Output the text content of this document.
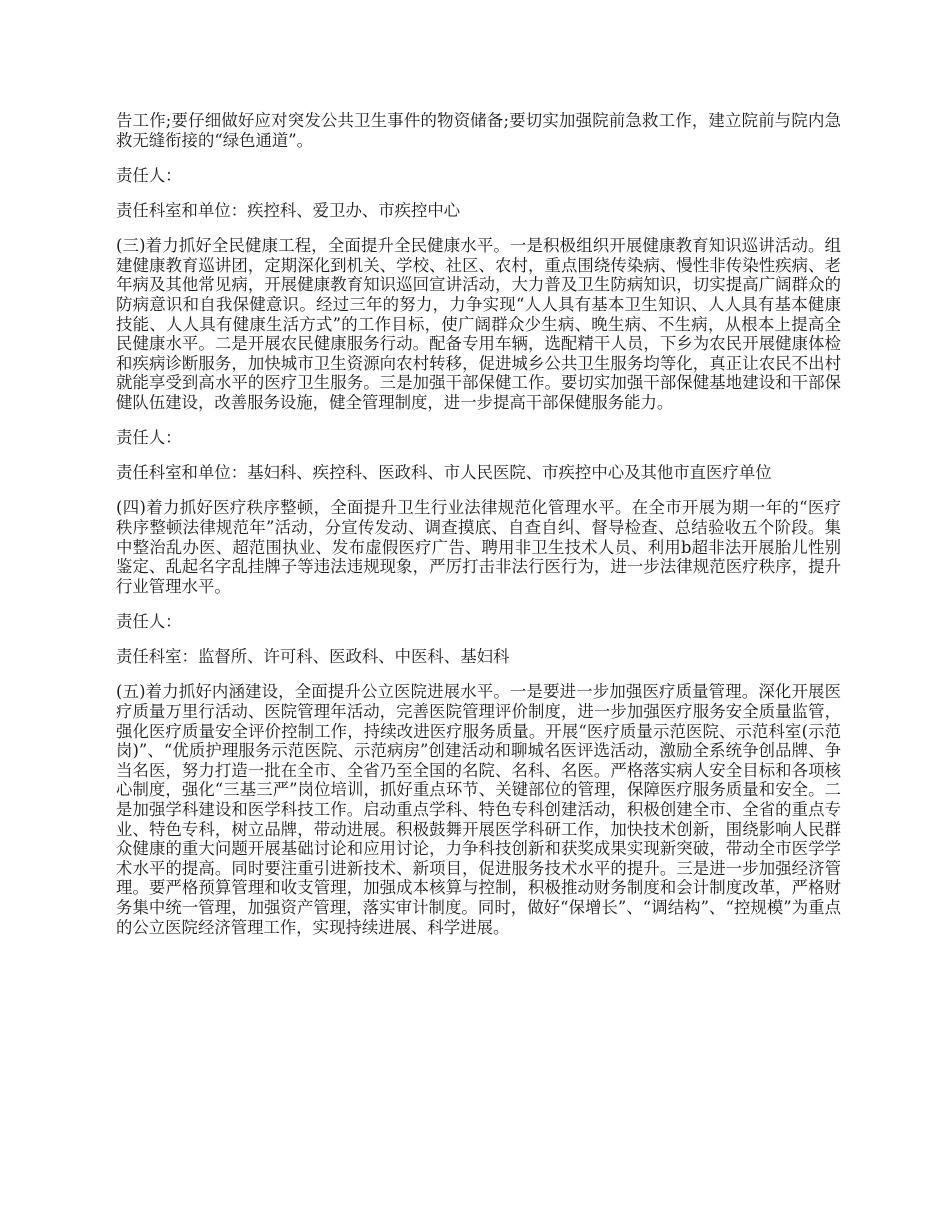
告工作;要仔细做好应对突发公共卫生事件的物资储备;要切实加强院前急救工作，建立院前与院内急救无缝衔接的“绿色通道”。

责任人：

责任科室和单位：疾控科、爱卫办、市疾控中心

(三)着力抓好全民健康工程，全面提升全民健康水平。一是积极组织开展健康教育知识巡讲活动。组建健康教育巡讲团，定期深化到机关、学校、社区、农村，重点围绕传染病、慢性非传染性疾病、老年病及其他常见病，开展健康教育知识巡回宣讲活动，大力普及卫生防病知识，切实提高广阔群众的防病意识和自我保健意识。经过三年的努力，力争实现“人人具有基本卫生知识、人人具有基本健康技能、人人具有健康生活方式”的工作目标，使广阔群众少生病、晚生病、不生病，从根本上提高全民健康水平。二是开展农民健康服务行动。配备专用车辆，选配精干人员，下乡为农民开展健康体检和疾病诊断服务，加快城市卫生资源向农村转移，促进城乡公共卫生服务均等化，真正让农民不出村就能享受到高水平的医疗卫生服务。三是加强干部保健工作。要切实加强干部保健基地建设和干部保健队伍建设，改善服务设施，健全管理制度，进一步提高干部保健服务能力。

责任人：

责任科室和单位：基妇科、疾控科、医政科、市人民医院、市疾控中心及其他市直医疗单位

(四)着力抓好医疗秩序整顿，全面提升卫生行业法律规范化管理水平。在全市开展为期一年的“医疗秩序整顿法律规范年”活动，分宣传发动、调查摸底、自查自纠、督导检查、总结验收五个阶段。集中整治乱办医、超范围执业、发布虚假医疗广告、聘用非卫生技术人员、利用b超非法开展胎儿性别鉴定、乱起名字乱挂牌子等违法违规现象，严厉打击非法行医行为，进一步法律规范医疗秩序，提升行业管理水平。

责任人：

责任科室：监督所、许可科、医政科、中医科、基妇科

(五)着力抓好内涵建设，全面提升公立医院进展水平。一是要进一步加强医疗质量管理。深化开展医疗质量万里行活动、医院管理年活动，完善医院管理评价制度，进一步加强医疗服务安全质量监管，强化医疗质量安全评价控制工作，持续改进医疗服务质量。开展“医疗质量示范医院、示范科室(示范岗)”、“优质护理服务示范医院、示范病房”创建活动和聊城名医评选活动，激励全系统争创品牌、争当名医，努力打造一批在全市、全省乃至全国的名院、名科、名医。严格落实病人安全目标和各项核心制度，强化“三基三严”岗位培训，抓好重点环节、关键部位的管理，保障医疗服务质量和安全。二是加强学科建设和医学科技工作。启动重点学科、特色专科创建活动，积极创建全市、全省的重点专业、特色专科，树立品牌，带动进展。积极鼓舞开展医学科研工作，加快技术创新，围绕影响人民群众健康的重大问题开展基础讨论和应用讨论，力争科技创新和获奖成果实现新突破，带动全市医学学术水平的提高。同时要注重引进新技术、新项目，促进服务技术水平的提升。三是进一步加强经济管理。要严格预算管理和收支管理，加强成本核算与控制，积极推动财务制度和会计制度改革，严格财务集中统一管理，加强资产管理，落实审计制度。同时，做好“保增长”、“调结构”、“控规模”为重点的公立医院经济管理工作，实现持续进展、科学进展。
